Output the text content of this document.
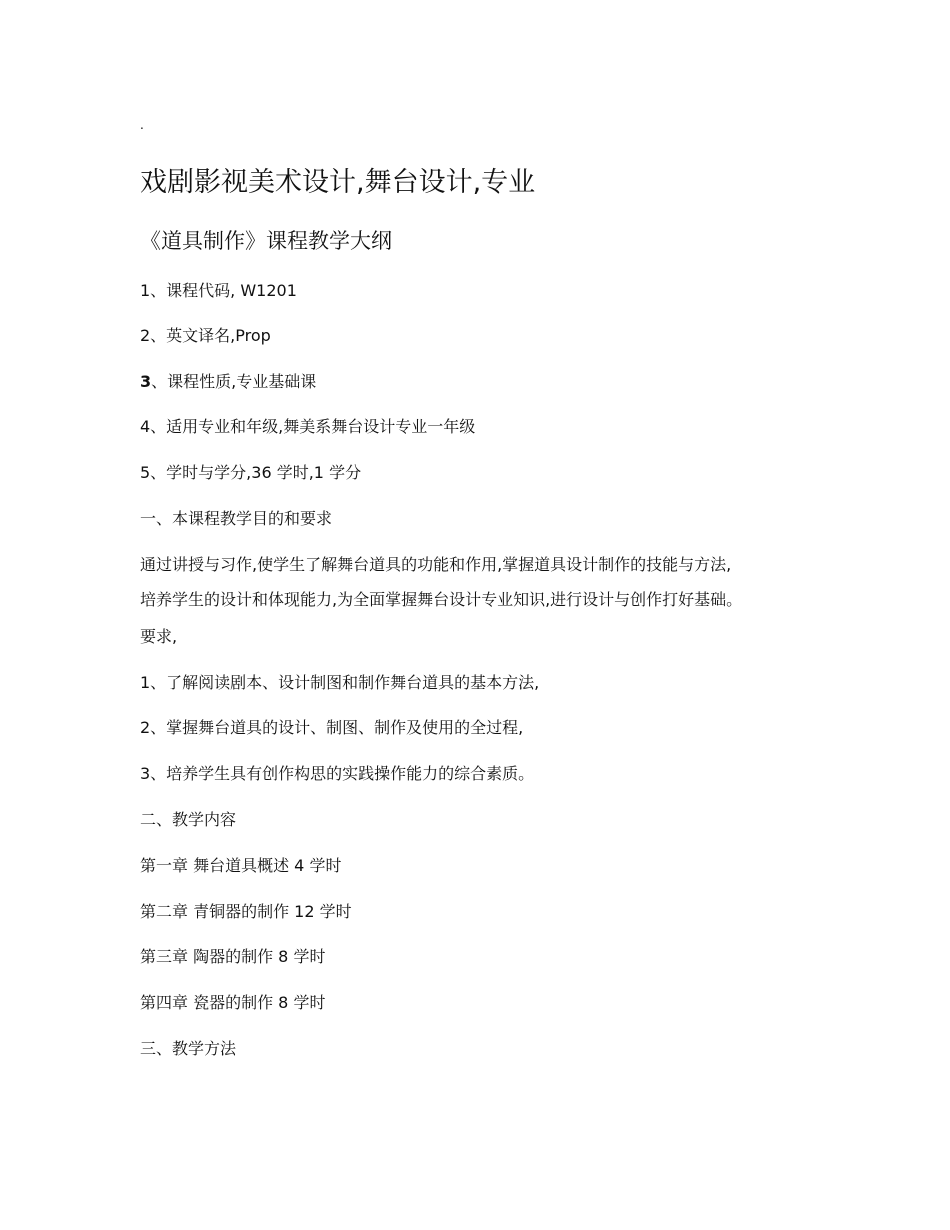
.
戏剧影视美术设计,舞台设计,专业
《道具制作》课程教学大纲
1、课程代码, W1201
2、英文译名,Prop
3、课程性质,专业基础课
4、适用专业和年级,舞美系舞台设计专业一年级
5、学时与学分,36 学时,1 学分
一、本课程教学目的和要求
通过讲授与习作,使学生了解舞台道具的功能和作用,掌握道具设计制作的技能与方法,
培养学生的设计和体现能力,为全面掌握舞台设计专业知识,进行设计与创作打好基础。
要求,
1、了解阅读剧本、设计制图和制作舞台道具的基本方法,
2、掌握舞台道具的设计、制图、制作及使用的全过程,
3、培养学生具有创作构思的实践操作能力的综合素质。
二、教学内容
第一章 舞台道具概述 4 学时
第二章 青铜器的制作 12 学时
第三章 陶器的制作 8 学时
第四章 瓷器的制作 8 学时
三、教学方法
